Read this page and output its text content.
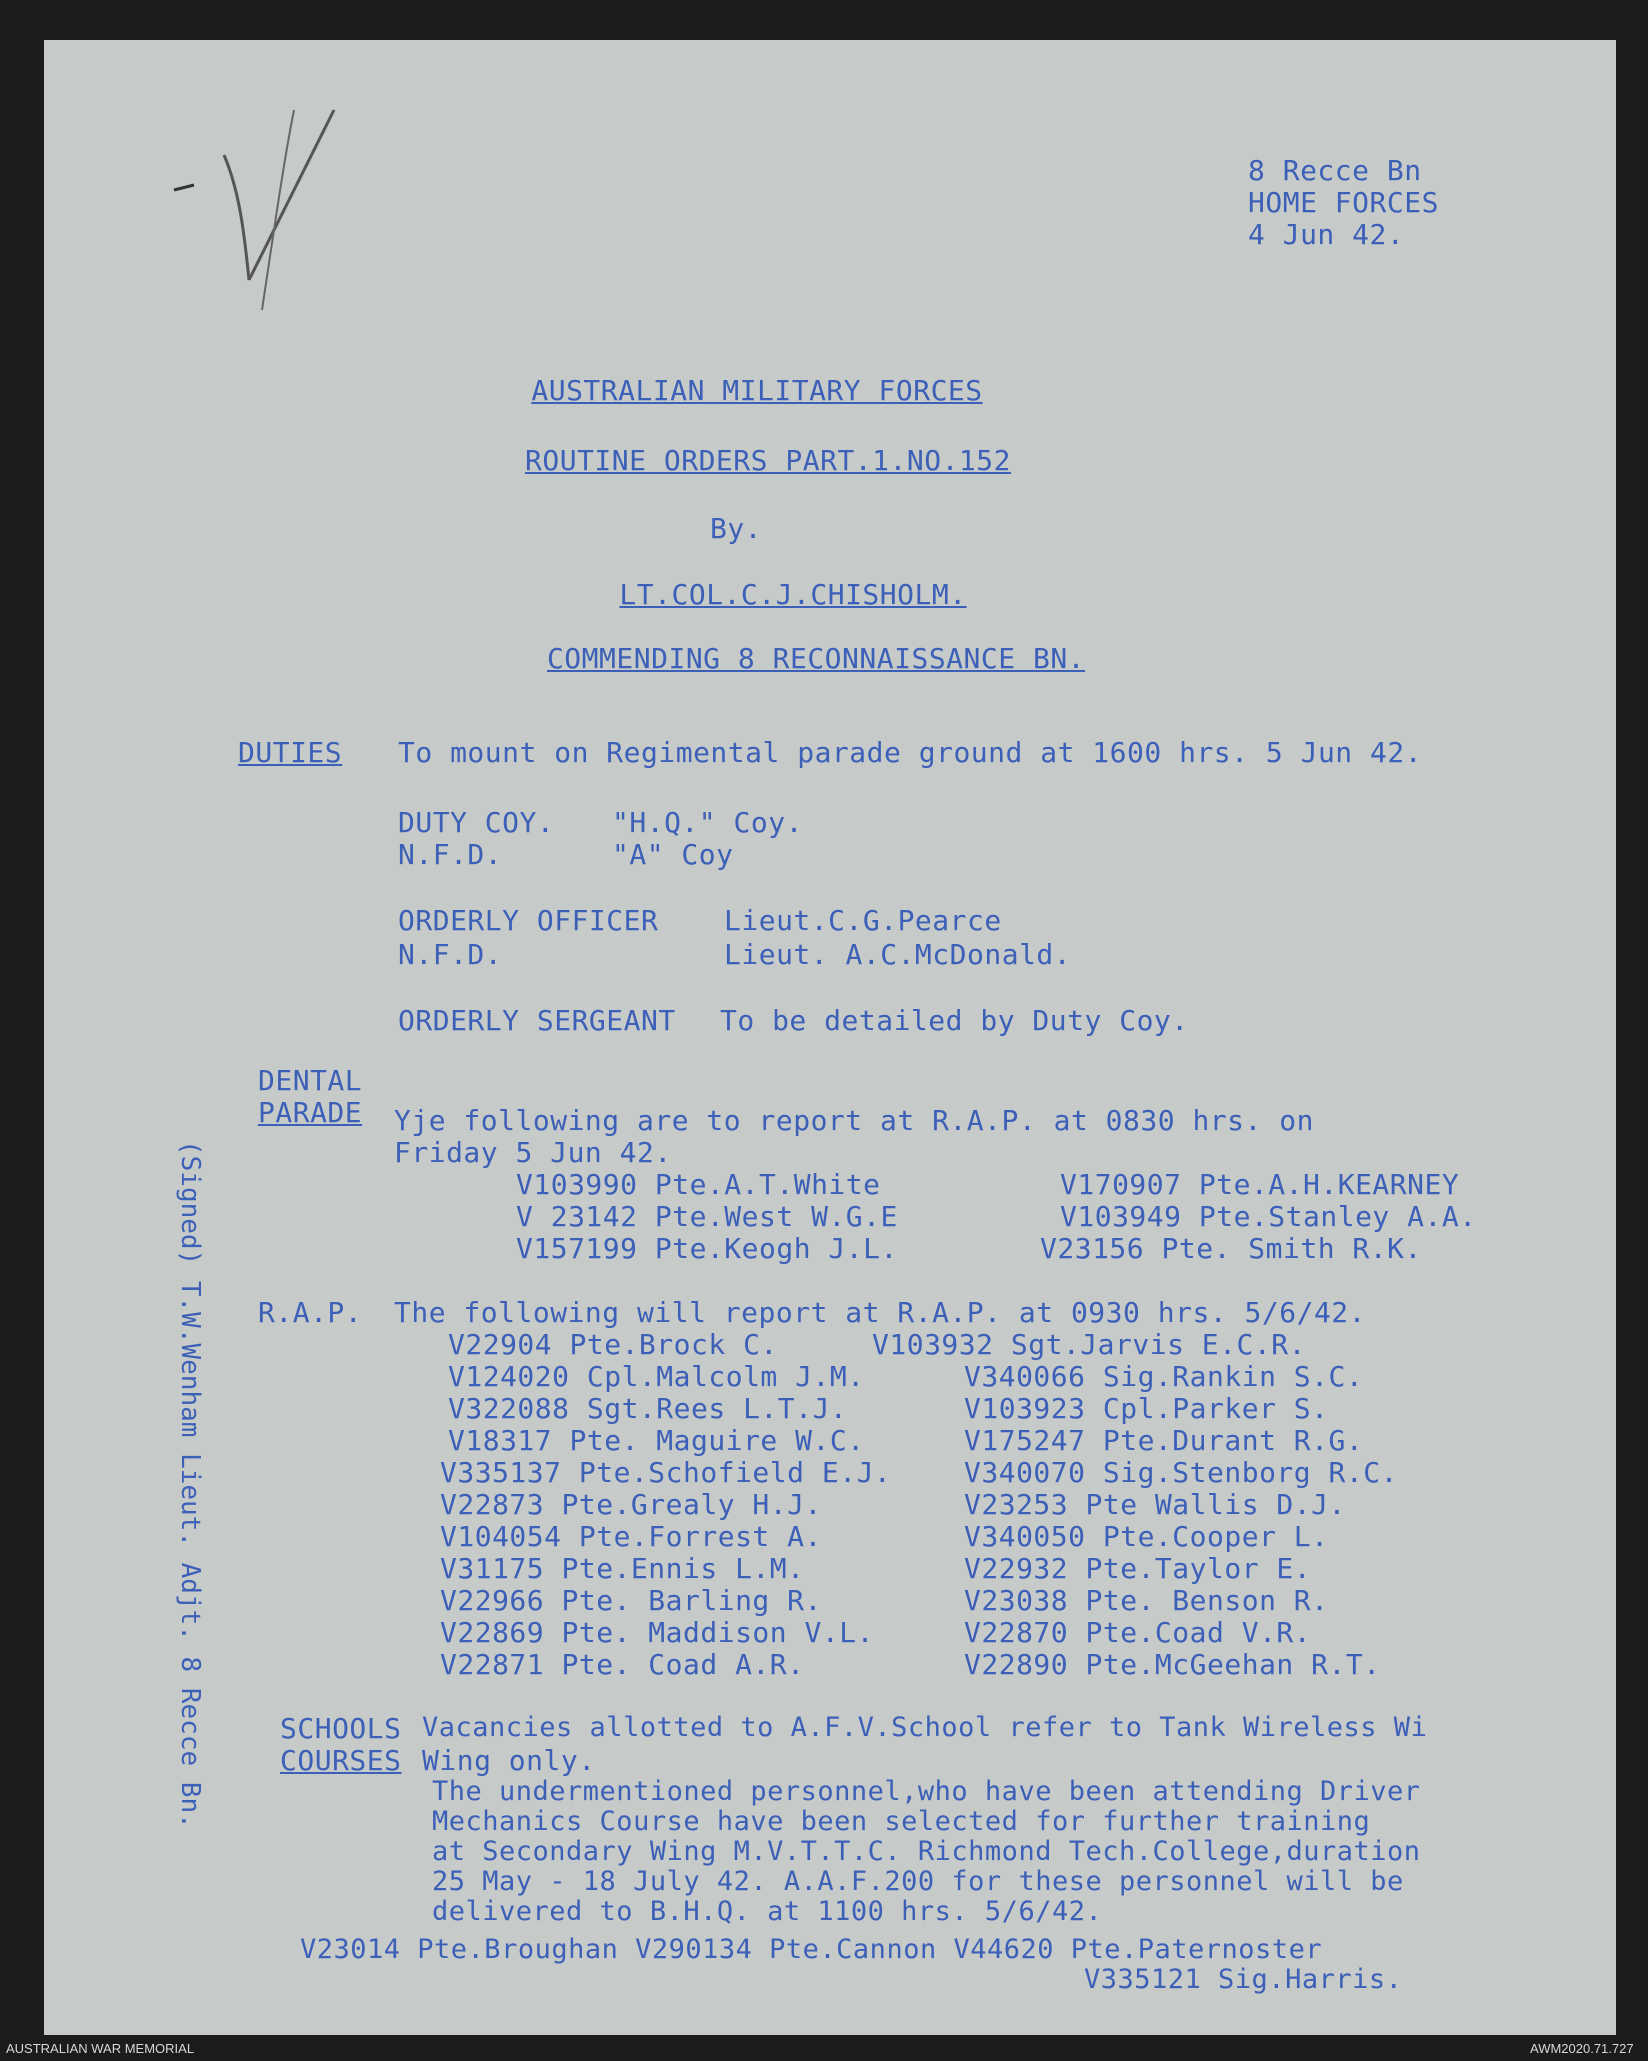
8 Recce Bn
HOME FORCES
4 Jun 42.
AUSTRALIAN MILITARY FORCES
ROUTINE ORDERS PART.1.NO.152
By.
LT.COL.C.J.CHISHOLM.
COMMENDING 8 RECONNAISSANCE BN.
DUTIES To mount on Regimental parade ground at 1600 hrs. 5 Jun 42.
DUTY COY. "H.Q." Coy.
N.F.D.	"A" Coy
ORDERLY OFFICER Lieut.C.G.Pearce
N.F.D.	Lieut. A.C.McDonald.
ORDERLY SERGEANT To be detailed by Duty Coy.
DENTAL
PARADE Yje following are to report at R.A.P. at 0830 hrs. on
Friday 5 Jun 42.
V103990 Pte.A.T.White	V170907 Pte.A.H.KEARNEY
V 23142 Pte.West W.G.E	V103949 Pte.Stanley A.A.
V157199 Pte.Keogh J.L.	V23156 Pte. Smith R.K.
R.A.P. The following will report at R.A.P. at 0930 hrs. 5/6/42.
V22904 Pte.Brock C.	V103932 Sgt.Jarvis E.C.R.
V124020 Cpl.Malcolm J.M.	V340066 Sig.Rankin S.C.
V322088 Sgt.Rees L.T.J.	V103923 Cpl.Parker S.
V18317 Pte. Maguire W.C.	V175247 Pte.Durant R.G.
V335137 Pte.Schofield E.J.	V340070 Sig.Stenborg R.C.
V22873 Pte.Grealy H.J.	V23253 Pte Wallis D.J.
V104054 Pte.Forrest A.	V340050 Pte.Cooper L.
V31175 Pte.Ennis L.M.	V22932 Pte.Taylor E.
V22966 Pte. Barling R.	V23038 Pte. Benson R.
V22869 Pte. Maddison V.L.	V22870 Pte.Coad V.R.
V22871 Pte. Coad A.R.	V22890 Pte.McGeehan R.T.
SCHOOLS
COURSES
Vacancies allotted to A.F.V.School refer to Tank Wireless Wi
Wing only.
The undermentioned personnel,who have been attending Driver
Mechanics Course have been selected for further training
at Secondary Wing M.V.T.T.C. Richmond Tech.College,duration
25 May - 18 July 42. A.A.F.200 for these personnel will be
delivered to B.H.Q. at 1100 hrs. 5/6/42.
V23014 Pte.Broughan V290134 Pte.Cannon V44620 Pte.Paternoster
V335121 Sig.Harris.
(Signed) T.W.Wenham Lieut. Adjt. 8 Recce Bn.
AUSTRALIAN WAR MEMORIAL	AWM2020.71.727
